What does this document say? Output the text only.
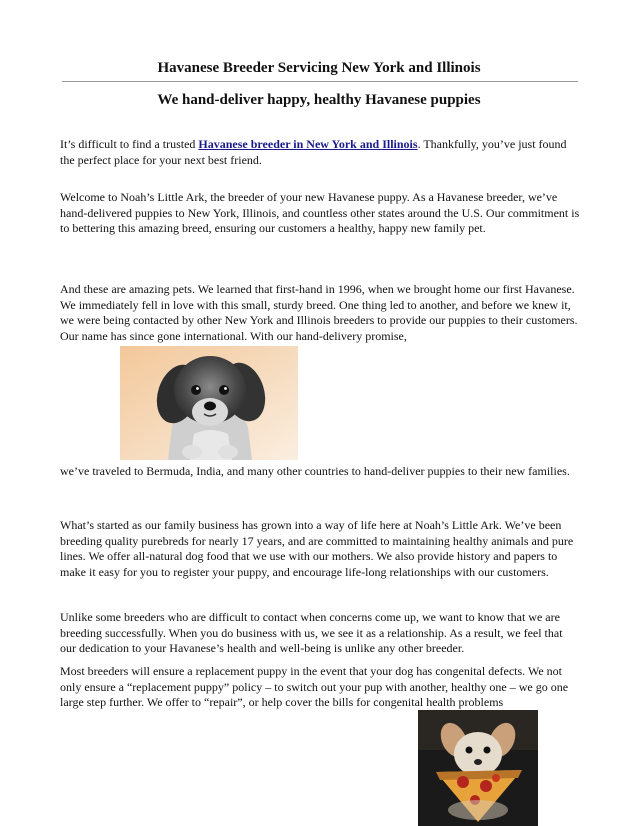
Havanese Breeder Servicing New York and Illinois
We hand-deliver happy, healthy Havanese puppies

It’s difficult to find a trusted Havanese breeder in New York and Illinois. Thankfully, you’ve just found the perfect place for your next best friend.

Welcome to Noah’s Little Ark, the breeder of your new Havanese puppy. As a Havanese breeder, we’ve hand-delivered puppies to New York, Illinois, and countless other states around the U.S. Our commitment is to bettering this amazing breed, ensuring our customers a healthy, happy new family pet.

And these are amazing pets. We learned that first-hand in 1996, when we brought home our first Havanese. We immediately fell in love with this small, sturdy breed. One thing led to another, and before we knew it, we were being contacted by other New York and Illinois breeders to provide our puppies to their customers. Our name has since gone international. With our hand-delivery promise,

we’ve traveled to Bermuda, India, and many other countries to hand-deliver puppies to their new families.

What’s started as our family business has grown into a way of life here at Noah’s Little Ark. We’ve been breeding quality purebreds for nearly 17 years, and are committed to maintaining healthy animals and pure lines. We offer all-natural dog food that we use with our mothers. We also provide history and papers to make it easy for you to register your puppy, and encourage life-long relationships with our customers.

Unlike some breeders who are difficult to contact when concerns come up, we want to know that we are breeding successfully. When you do business with us, we see it as a relationship. As a result, we feel that our dedication to your Havanese’s health and well-being is unlike any other breeder.

Most breeders will ensure a replacement puppy in the event that your dog has congenital defects. We not only ensure a “replacement puppy” policy – to switch out your pup with another, healthy one – we go one large step further. We offer to “repair”, or help cover the bills for congenital health problems
